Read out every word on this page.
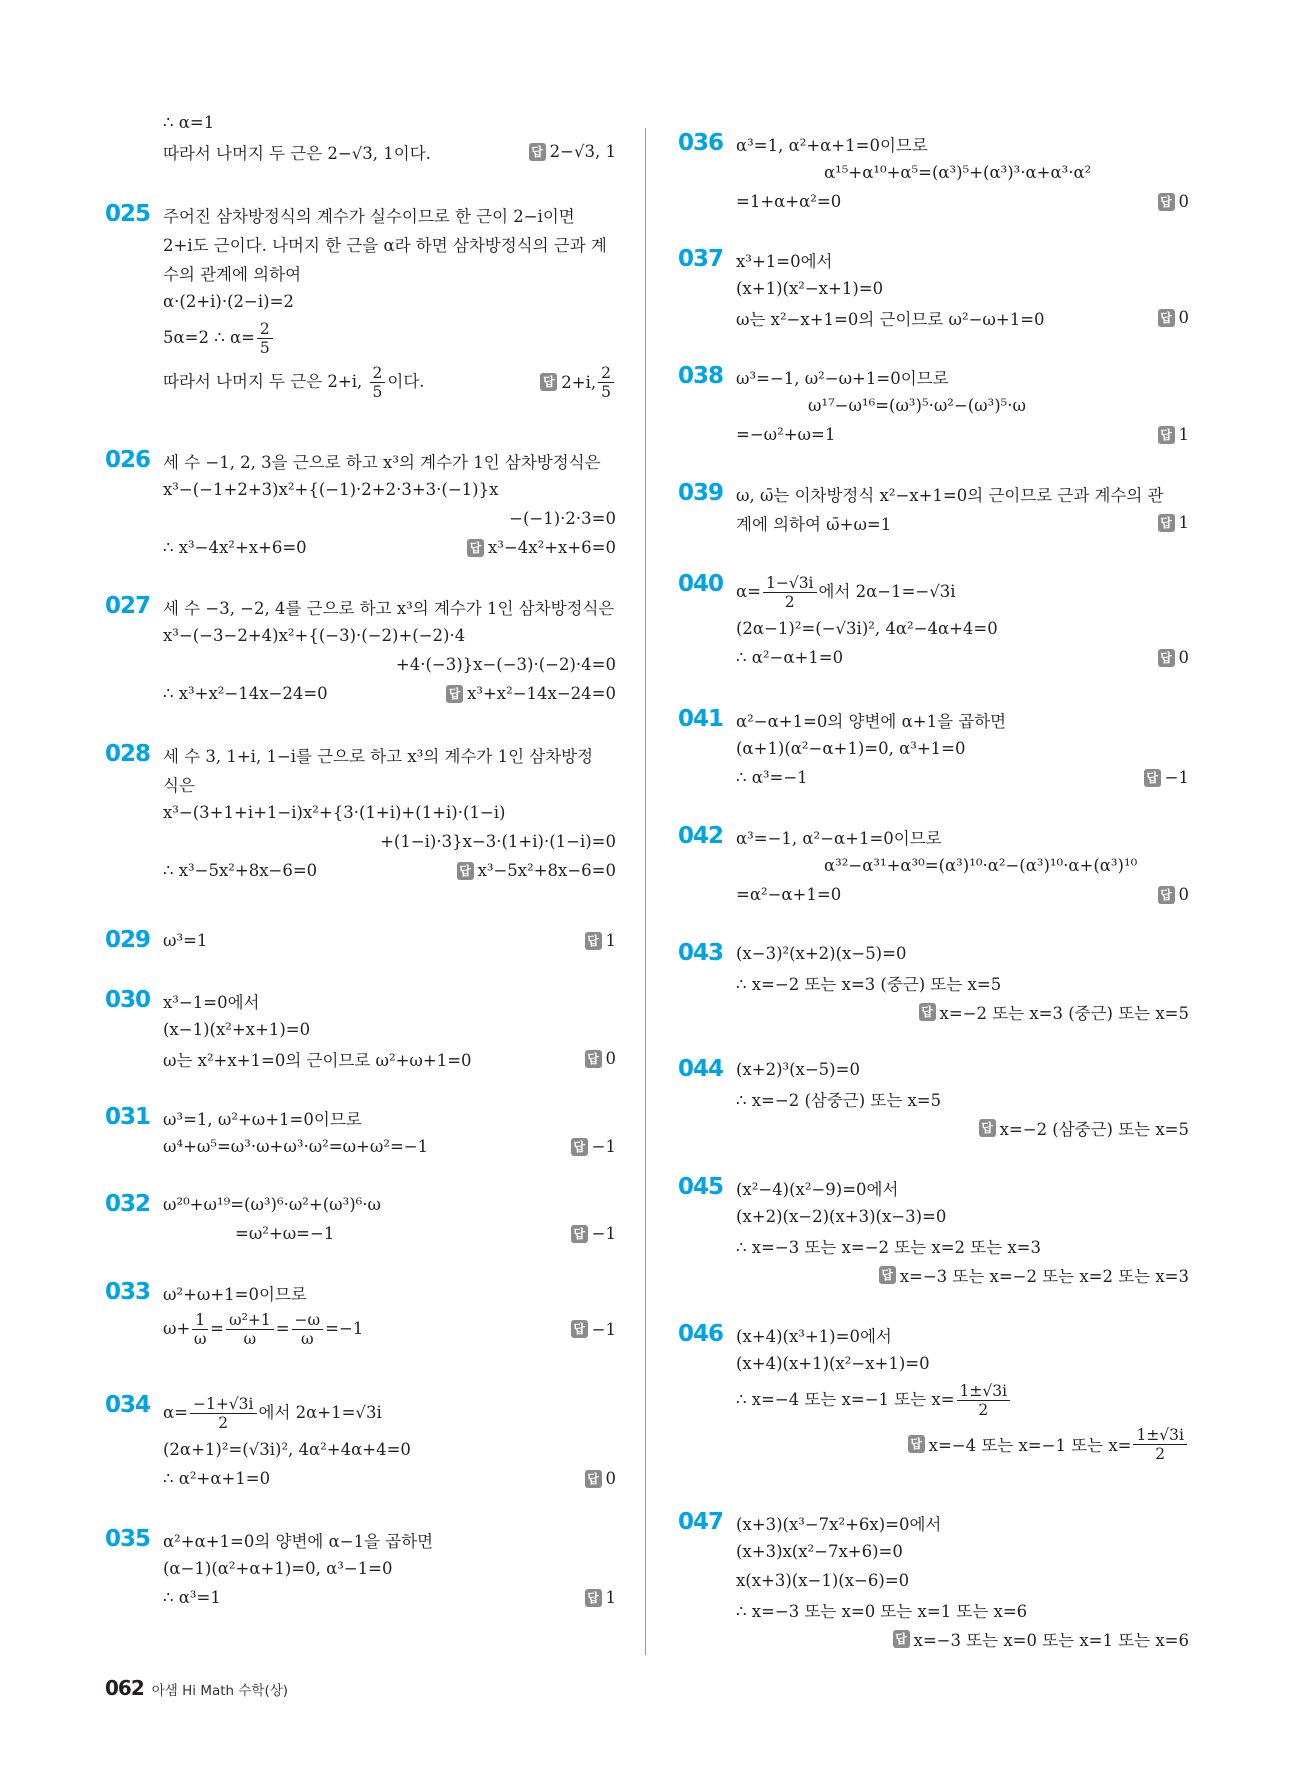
∴ α=1
따라서 나머지 두 근은 2−√3, 1이다.	답 2−√3, 1
025 주어진 삼차방정식의 계수가 실수이므로 한 근이 2−i이면
2+i도 근이다. 나머지 한 근을 α라 하면 삼차방정식의 근과 계
수의 관계에 의하여
α·(2+i)·(2−i)=2
5α=2 ∴ $\alpha= \frac{2}{5}$
따라서 나머지 두 근은 2+i, $\frac{2}{5}$ 이다.	답 2+i, $\frac{2}{5}$
026 세 수 −1, 2, 3을 근으로 하고 x³의 계수가 1인 삼차방정식은
x³−(−1+2+3)x²+{(−1)·2+2·3+3·(−1)}x
−(−1)·2·3=0
∴ x³−4x²+x+6=0	답 x³−4x²+x+6=0
027 세 수 −3, −2, 4를 근으로 하고 x³의 계수가 1인 삼차방정식은
x³−(−3−2+4)x²+{(−3)·(−2)+(−2)·4
+4·(−3)}x−(−3)·(−2)·4=0
∴ x³+x²−14x−24=0	답 x³+x²−14x−24=0
028 세 수 3, 1+i, 1−i를 근으로 하고 x³의 계수가 1인 삼차방정
식은
x³−(3+1+i+1−i)x²+{3·(1+i)+(1+i)·(1−i)
+(1−i)·3}x−3·(1+i)·(1−i)=0
∴ x³−5x²+8x−6=0	답 x³−5x²+8x−6=0
029 ω³=1	답 1
030 x³−1=0에서
(x−1)(x²+x+1)=0
ω는 x²+x+1=0의 근이므로 ω²+ω+1=0	답 0
031 ω³=1, ω²+ω+1=0이므로
ω⁴+ω⁵=ω³·ω+ω³·ω²=ω+ω²=−1	답 −1
032 ω²⁰+ω¹⁹=(ω³)⁶·ω²+(ω³)⁶·ω
=ω²+ω=−1	답 −1
033 ω²+ω+1=0이므로
$\omega+ \frac{1}{\omega} = \frac{\text{ω²+1}}{\omega} = \frac{-\omega}{\omega} =-1$	답 −1
034 $\alpha= \frac{-1+√3i}{2}$ 에서 2α+1=√3i
(2α+1)²=(√3i)², 4α²+4α+4=0
∴ α²+α+1=0	답 0
035 α²+α+1=0의 양변에 α−1을 곱하면
(α−1)(α²+α+1)=0, α³−1=0
∴ α³=1	답 1
036 α³=1, α²+α+1=0이므로
α¹⁵+α¹⁰+α⁵=(α³)⁵+(α³)³·α+α³·α²
=1+α+α²=0	답 0
037 x³+1=0에서
(x+1)(x²−x+1)=0
ω는 x²−x+1=0의 근이므로 ω²−ω+1=0	답 0
038 ω³=−1, ω²−ω+1=0이므로
ω¹⁷−ω¹⁶=(ω³)⁵·ω²−(ω³)⁵·ω
=−ω²+ω=1	답 1
039 ω, ω̄는 이차방정식 x²−x+1=0의 근이므로 근과 계수의 관
계에 의하여 ω̄+ω=1	답 1
040 $\alpha= \frac{1-√3i}{2}$ 에서 2α−1=−√3i
(2α−1)²=(−√3i)², 4α²−4α+4=0
∴ α²−α+1=0	답 0
041 α²−α+1=0의 양변에 α+1을 곱하면
(α+1)(α²−α+1)=0, α³+1=0
∴ α³=−1	답 −1
042 α³=−1, α²−α+1=0이므로
α³²−α³¹+α³⁰=(α³)¹⁰·α²−(α³)¹⁰·α+(α³)¹⁰
=α²−α+1=0	답 0
043 (x−3)²(x+2)(x−5)=0
∴ x=−2 또는 x=3 (중근) 또는 x=5
답 x=−2 또는 x=3 (중근) 또는 x=5
044 (x+2)³(x−5)=0
∴ x=−2 (삼중근) 또는 x=5
답 x=−2 (삼중근) 또는 x=5
045 (x²−4)(x²−9)=0에서
(x+2)(x−2)(x+3)(x−3)=0
∴ x=−3 또는 x=−2 또는 x=2 또는 x=3
답 x=−3 또는 x=−2 또는 x=2 또는 x=3
046 (x+4)(x³+1)=0에서
(x+4)(x+1)(x²−x+1)=0
∴ x=−4 또는 x=−1 또는 $x= \frac{1\pm√3i}{2}$
답 x=−4 또는 x=−1 또는 $x= \frac{1\pm√3i}{2}$
047 (x+3)(x³−7x²+6x)=0에서
(x+3)x(x²−7x+6)=0
x(x+3)(x−1)(x−6)=0
∴ x=−3 또는 x=0 또는 x=1 또는 x=6
답 x=−3 또는 x=0 또는 x=1 또는 x=6
062 아샘 Hi Math 수학(상)
